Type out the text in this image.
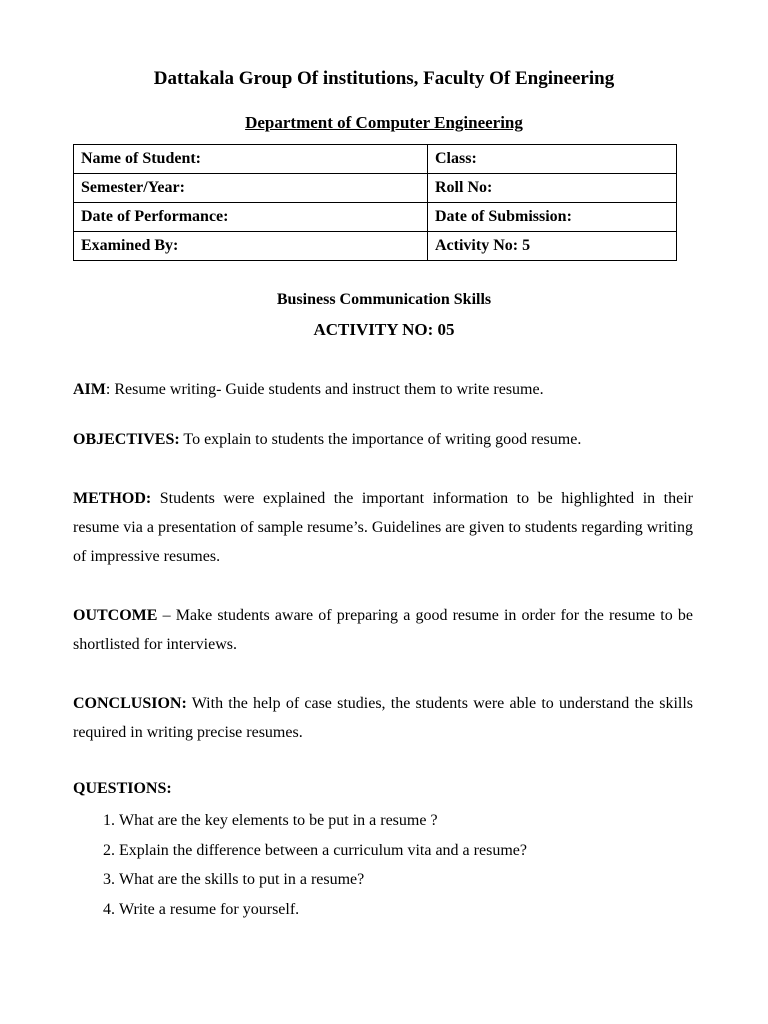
Dattakala Group Of institutions, Faculty Of Engineering
Department of Computer Engineering
Name of Student:	Class:
Semester/Year:	Roll No:
Date of Performance:	Date of Submission:
Examined By:	Activity No: 5
Business Communication Skills
ACTIVITY NO: 05
AIM: Resume writing- Guide students and instruct them to write resume.
OBJECTIVES: To explain to students the importance of writing good resume.
METHOD: Students were explained the important information to be highlighted in their resume via a presentation of sample resume’s. Guidelines are given to students regarding writing of impressive resumes.
OUTCOME – Make students aware of preparing a good resume in order for the resume to be shortlisted for interviews.
CONCLUSION: With the help of case studies, the students were able to understand the skills required in writing precise resumes.
QUESTIONS:
1. What are the key elements to be put in a resume ?
2. Explain the difference between a curriculum vita and a resume?
3. What are the skills to put in a resume?
4. Write a resume for yourself.
